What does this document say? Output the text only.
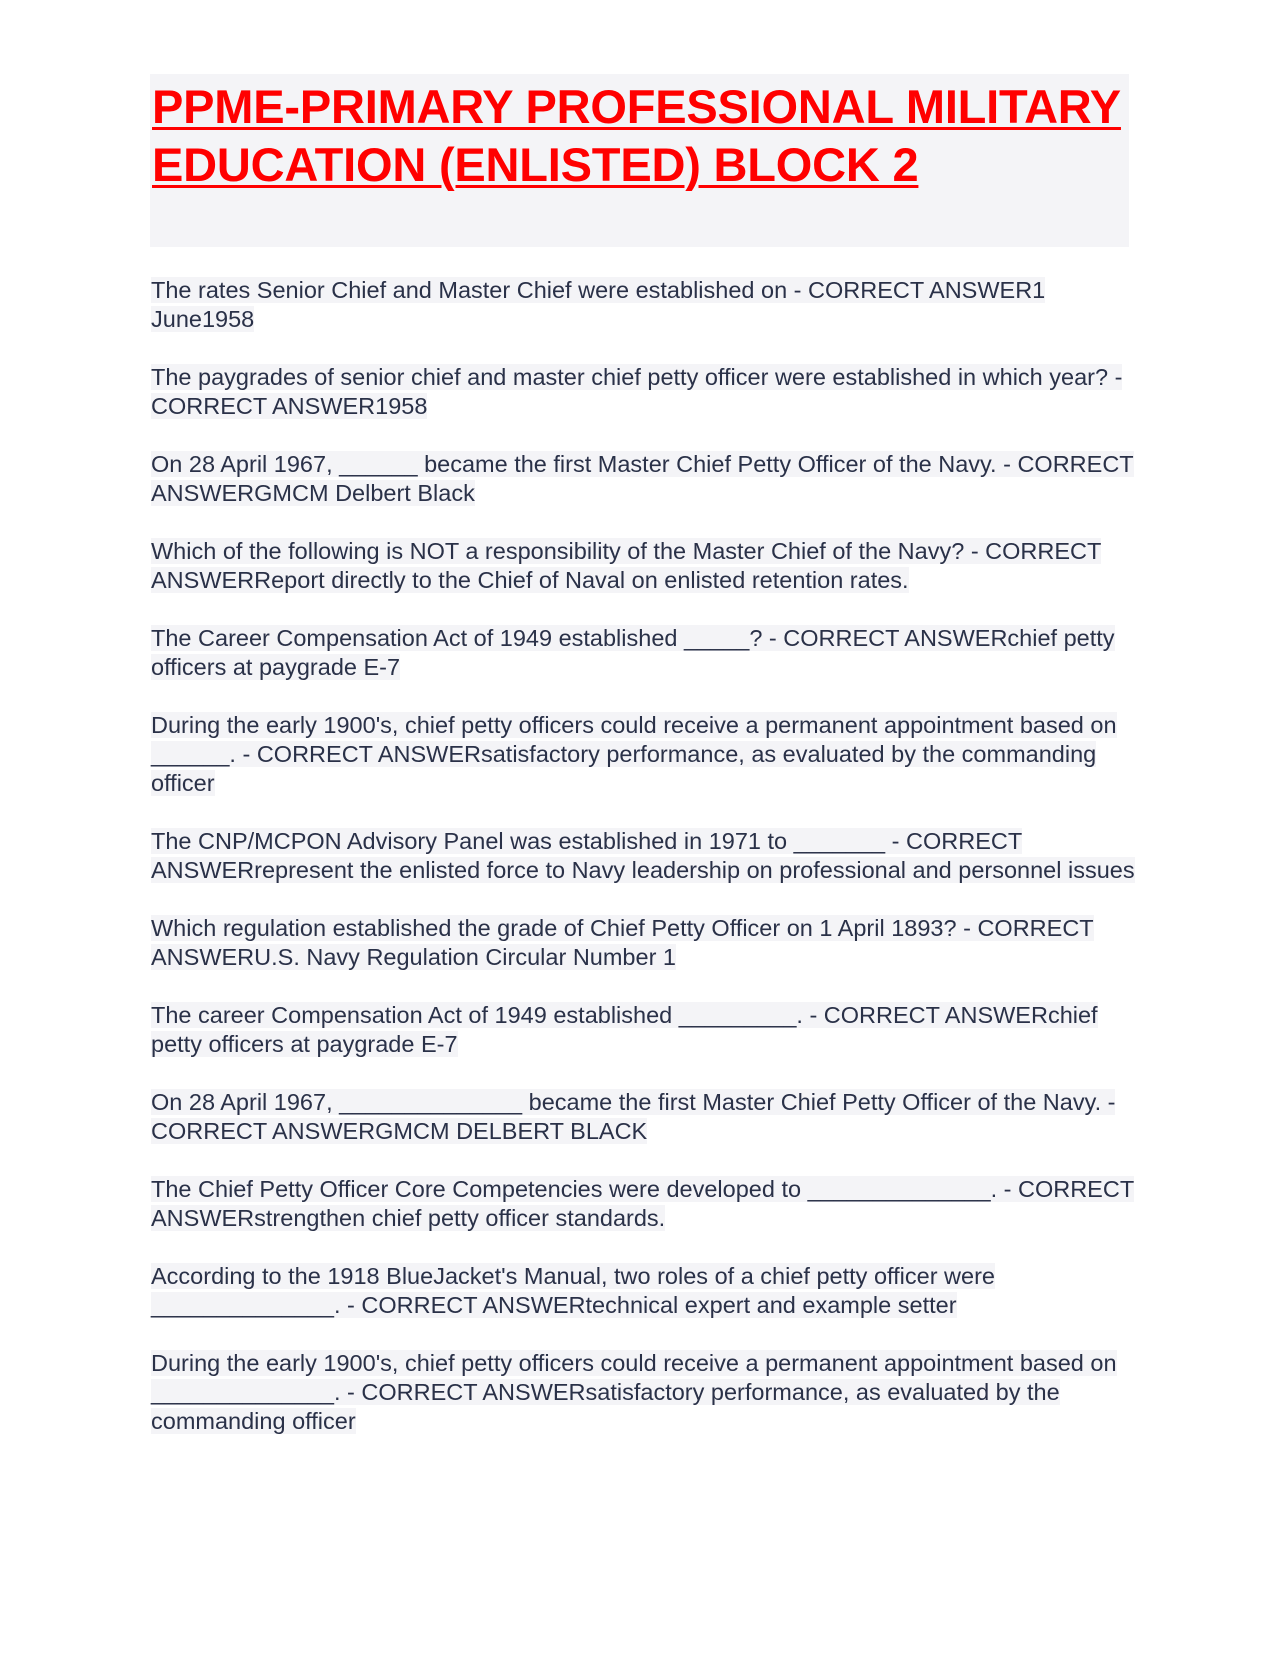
PPME-PRIMARY PROFESSIONAL MILITARY EDUCATION (ENLISTED) BLOCK 2
The rates Senior Chief and Master Chief were established on - CORRECT ANSWER1 June1958
The paygrades of senior chief and master chief petty officer were established in which year? - CORRECT ANSWER1958
On 28 April 1967, ______ became the first Master Chief Petty Officer of the Navy. - CORRECT ANSWERGMCM Delbert Black
Which of the following is NOT a responsibility of the Master Chief of the Navy? - CORRECT ANSWERReport directly to the Chief of Naval on enlisted retention rates.
The Career Compensation Act of 1949 established _____? - CORRECT ANSWERchief petty officers at paygrade E-7
During the early 1900's, chief petty officers could receive a permanent appointment based on ______. - CORRECT ANSWERsatisfactory performance, as evaluated by the commanding officer
The CNP/MCPON Advisory Panel was established in 1971 to _______ - CORRECT ANSWERrepresent the enlisted force to Navy leadership on professional and personnel issues
Which regulation established the grade of Chief Petty Officer on 1 April 1893? - CORRECT ANSWERU.S. Navy Regulation Circular Number 1
The career Compensation Act of 1949 established _________. - CORRECT ANSWERchief petty officers at paygrade E-7
On 28 April 1967, ______________ became the first Master Chief Petty Officer of the Navy. - CORRECT ANSWERGMCM DELBERT BLACK
The Chief Petty Officer Core Competencies were developed to ______________. - CORRECT ANSWERstrengthen chief petty officer standards.
According to the 1918 BlueJacket's Manual, two roles of a chief petty officer were ______________. - CORRECT ANSWERtechnical expert and example setter
During the early 1900's, chief petty officers could receive a permanent appointment based on ______________. - CORRECT ANSWERsatisfactory performance, as evaluated by the commanding officer
